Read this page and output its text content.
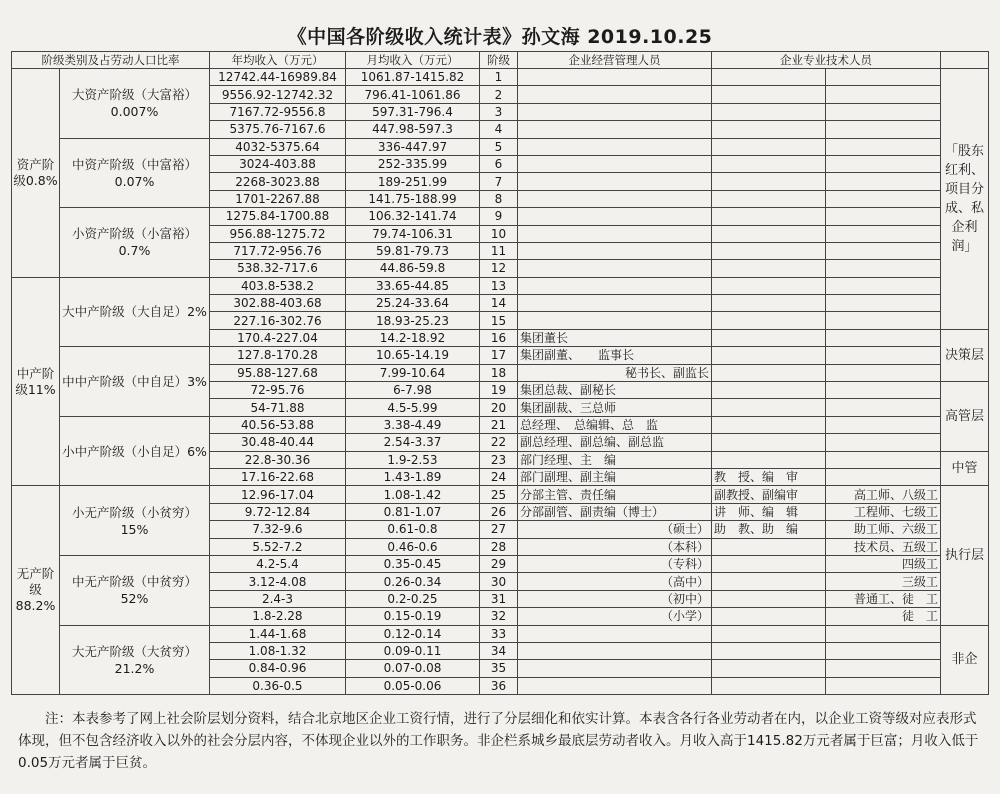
《中国各阶级收入统计表》孙文海 2019.10.25
阶级类别及占劳动人口比率		年均收入（万元）	月均收入（万元）	阶级	企业经营管理人员	企业专业技术人员		
资产阶级0.8%	大资产阶级（大富裕）0.007%	12742.44-16989.84	1061.87-1415.82	1				「股东红利、项目分成、私企利润」
		9556.92-12742.32	796.41-1061.86	2				
		7167.72-9556.8	597.31-796.4	3				
		5375.76-7167.6	447.98-597.3	4				
	中资产阶级（中富裕）0.07%	4032-5375.64	336-447.97	5				
		3024-403.88	252-335.99	6				
		2268-3023.88	189-251.99	7				
		1701-2267.88	141.75-188.99	8				
	小资产阶级（小富裕）0.7%	1275.84-1700.88	106.32-141.74	9				
		956.88-1275.72	79.74-106.31	10				
		717.72-956.76	59.81-79.73	11				
		538.32-717.6	44.86-59.8	12				
中产阶级11%	大中产阶级（大自足）2%	403.8-538.2	33.65-44.85	13				
		302.88-403.68	25.24-33.64	14				
		227.16-302.76	18.93-25.23	15				
		170.4-227.04	14.2-18.92	16	集团董长			决策层
	中中产阶级（中自足）3%	127.8-170.28	10.65-14.19	17	集团副董、　　监事长			
		95.88-127.68	7.99-10.64	18	秘书长、副监长			
		72-95.76	6-7.98	19	集团总裁、副秘长			高管层
		54-71.88	4.5-5.99	20	集团副裁、三总师			
	小中产阶级（小自足）6%	40.56-53.88	3.38-4.49	21	总经理、　总编辑、总　监			
		30.48-40.44	2.54-3.37	22	副总经理、副总编、副总监			
		22.8-30.36	1.9-2.53	23	部门经理、主　编			中管
		17.16-22.68	1.43-1.89	24	部门副理、副主编	教　授、编　审		
无产阶级88.2%	小无产阶级（小贫穷）15%	12.96-17.04	1.08-1.42	25	分部主管、责任编	副教授、副编审	高工师、八级工	执行层
		9.72-12.84	0.81-1.07	26	分部副管、副责编（博士）	讲　师、编　辑	工程师、七级工	
		7.32-9.6	0.61-0.8	27	（硕士）	助　教、助　编	助工师、六级工	
		5.52-7.2	0.46-0.6	28	（本科）		技术员、五级工	
	中无产阶级（中贫穷）52%	4.2-5.4	0.35-0.45	29	（专科）		四级工	
		3.12-4.08	0.26-0.34	30	（高中）		三级工	
		2.4-3	0.2-0.25	31	（初中）		普通工、徒　工	
		1.8-2.28	0.15-0.19	32	（小学）		徒　工	
	大无产阶级（大贫穷）21.2%	1.44-1.68	0.12-0.14	33				非企
		1.08-1.32	0.09-0.11	34				
		0.84-0.96	0.07-0.08	35				
		0.36-0.5	0.05-0.06	36				
注：本表参考了网上社会阶层划分资料，结合北京地区企业工资行情，进行了分层细化和依实计算。本表含各行各业劳动者在内，以企业工资等级对应表形式体现，但不包含经济收入以外的社会分层内容，不体现企业以外的工作职务。非企栏系城乡最底层劳动者收入。月收入高于1415.82万元者属于巨富；月收入低于0.05万元者属于巨贫。
